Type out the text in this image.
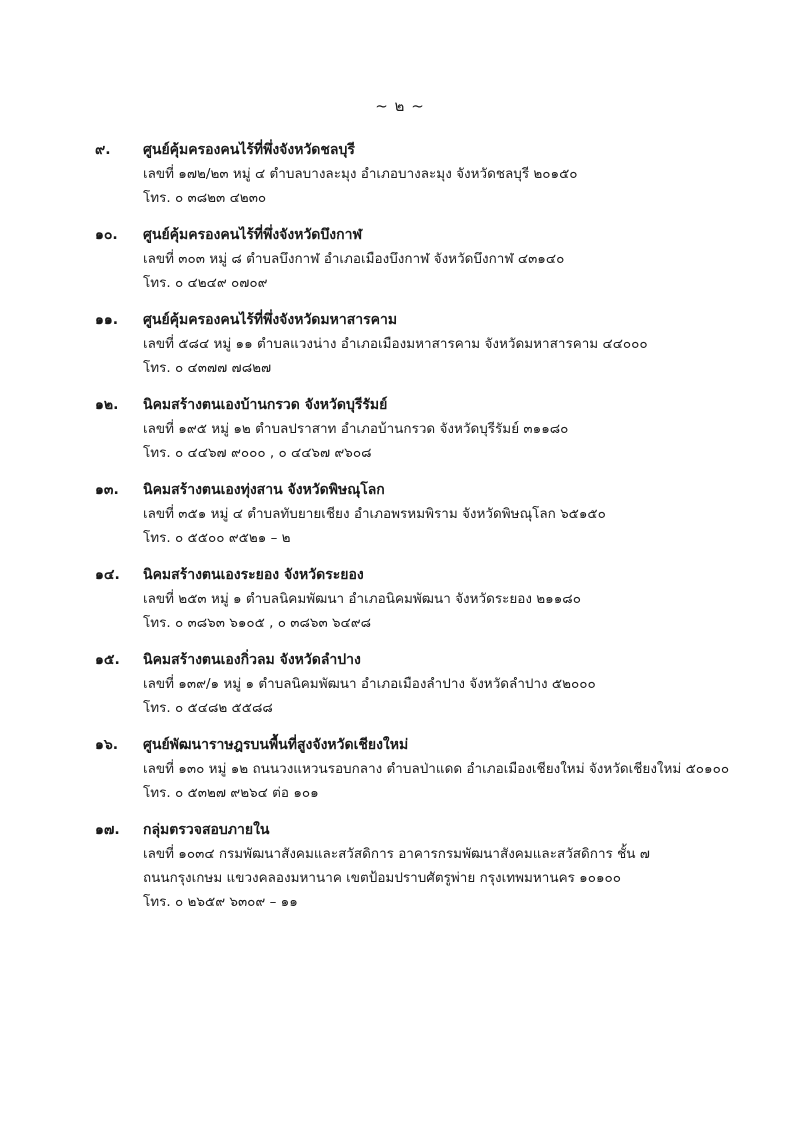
~ ๒ ~
๙. ศูนย์คุ้มครองคนไร้ที่พึ่งจังหวัดชลบุรี
เลขที่ ๑๗๒/๒๓ หมู่ ๔ ตำบลบางละมุง อำเภอบางละมุง จังหวัดชลบุรี ๒๐๑๕๐
โทร. ๐ ๓๘๒๓ ๔๒๓๐
๑๐. ศูนย์คุ้มครองคนไร้ที่พึ่งจังหวัดบึงกาฬ
เลขที่ ๓๐๓ หมู่ ๘ ตำบลบึงกาฬ อำเภอเมืองบึงกาฬ จังหวัดบึงกาฬ ๔๓๑๔๐
โทร. ๐ ๔๒๔๙ ๐๗๐๙
๑๑. ศูนย์คุ้มครองคนไร้ที่พึ่งจังหวัดมหาสารคาม
เลขที่ ๕๘๔ หมู่ ๑๑ ตำบลแวงน่าง อำเภอเมืองมหาสารคาม จังหวัดมหาสารคาม ๔๔๐๐๐
โทร. ๐ ๔๓๗๗ ๗๘๒๗
๑๒. นิคมสร้างตนเองบ้านกรวด จังหวัดบุรีรัมย์
เลขที่ ๑๙๕ หมู่ ๑๒ ตำบลปราสาท อำเภอบ้านกรวด จังหวัดบุรีรัมย์ ๓๑๑๘๐
โทร. ๐ ๔๔๖๗ ๙๐๐๐ , ๐ ๔๔๖๗ ๙๖๐๘
๑๓. นิคมสร้างตนเองทุ่งสาน จังหวัดพิษณุโลก
เลขที่ ๓๕๑ หมู่ ๔ ตำบลทับยายเชียง อำเภอพรหมพิราม จังหวัดพิษณุโลก ๖๕๑๕๐
โทร. ๐ ๕๕๐๐ ๙๕๒๑ – ๒
๑๔. นิคมสร้างตนเองระยอง จังหวัดระยอง
เลขที่ ๒๕๓ หมู่ ๑ ตำบลนิคมพัฒนา อำเภอนิคมพัฒนา จังหวัดระยอง ๒๑๑๘๐
โทร. ๐ ๓๘๖๓ ๖๑๐๕ , ๐ ๓๘๖๓ ๖๔๙๘
๑๕. นิคมสร้างตนเองกิ่วลม จังหวัดลำปาง
เลขที่ ๑๓๙/๑ หมู่ ๑ ตำบลนิคมพัฒนา อำเภอเมืองลำปาง จังหวัดลำปาง ๕๒๐๐๐
โทร. ๐ ๕๔๘๒ ๕๕๘๘
๑๖. ศูนย์พัฒนาราษฎรบนพื้นที่สูงจังหวัดเชียงใหม่
เลขที่ ๑๓๐ หมู่ ๑๒ ถนนวงแหวนรอบกลาง ตำบลป่าแดด อำเภอเมืองเชียงใหม่ จังหวัดเชียงใหม่ ๕๐๑๐๐
โทร. ๐ ๕๓๒๗ ๙๒๖๔ ต่อ ๑๐๑
๑๗. กลุ่มตรวจสอบภายใน
เลขที่ ๑๐๓๔ กรมพัฒนาสังคมและสวัสดิการ อาคารกรมพัฒนาสังคมและสวัสดิการ ชั้น ๗
ถนนกรุงเกษม แขวงคลองมหานาค เขตป้อมปราบศัตรูพ่าย กรุงเทพมหานคร ๑๐๑๐๐
โทร. ๐ ๒๖๕๙ ๖๓๐๙ – ๑๑
